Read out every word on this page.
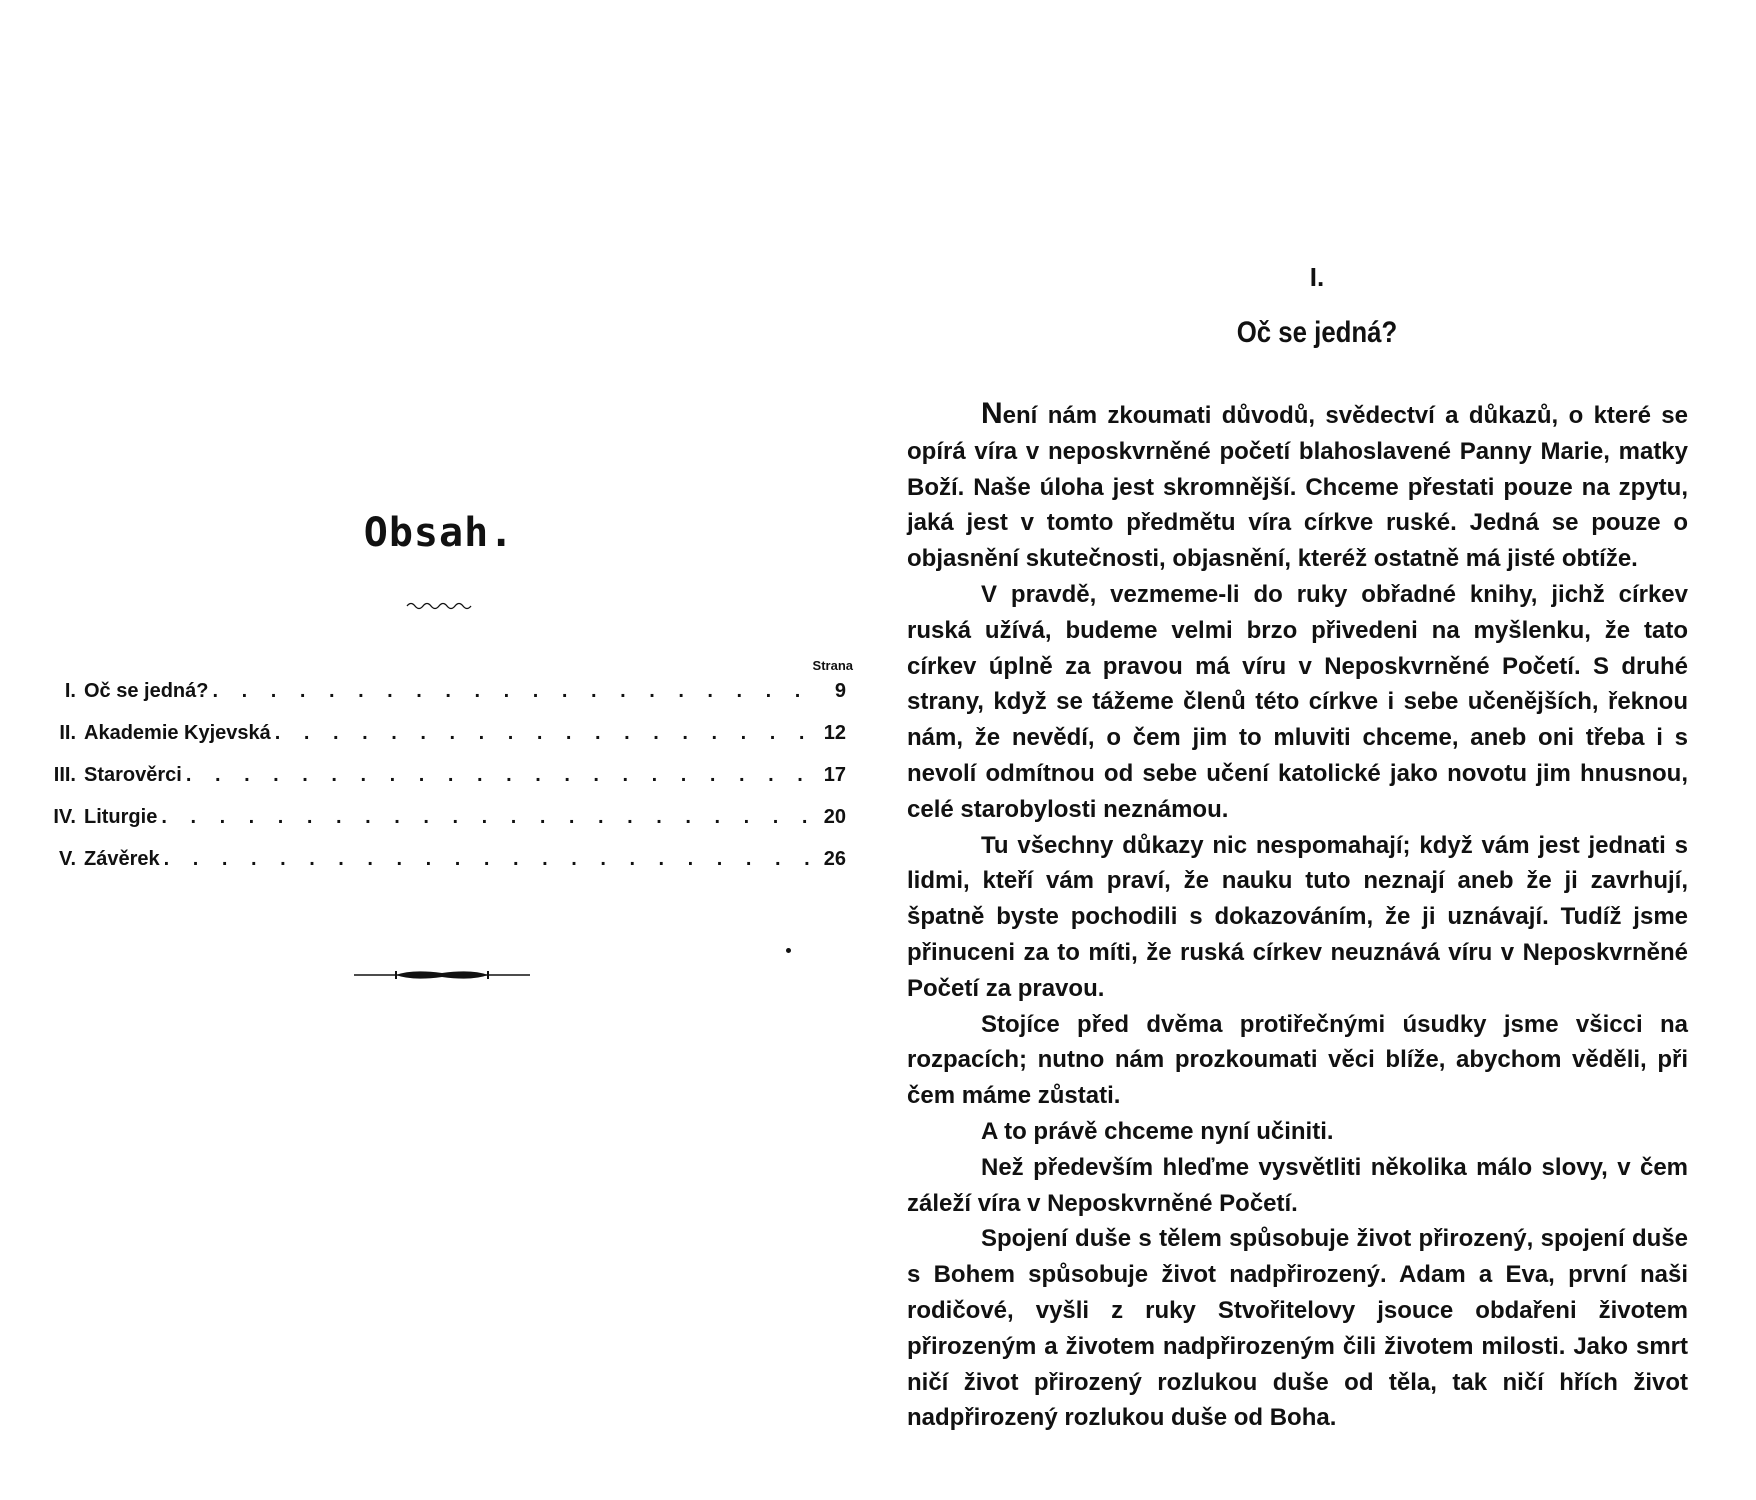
Obsah.
Strana
I. Oč se jedná? . . .	9
II. Akademie Kyjevská . . .	12
III. Starověrci . . .	17
IV. Liturgie . . .	20
V. Závěrek . . .	26
I.
Oč se jedná?

Není nám zkoumati důvodů, svědectví a důkazů, o které se opírá víra v neposkvrněné početí blahoslavené Panny Marie, matky Boží. Naše úloha jest skromnější. Chceme přestati pouze na zpytu, jaká jest v tomto předmětu víra církve ruské. Jedná se pouze o objasnění skutečnosti, objasnění, kteréž ostatně má jisté obtíže.

V pravdě, vezmeme-li do ruky obřadné knihy, jichž církev ruská užívá, budeme velmi brzo přivedeni na myšlenku, že tato církev úplně za pravou má víru v Neposkvrněné Početí. S druhé strany, když se tážeme členů této církve i sebe učenějších, řeknou nám, že nevědí, o čem jim to mluviti chceme, aneb oni třeba i s nevolí odmítnou od sebe učení katolické jako novotu jim hnusnou, celé starobylosti neznámou.

Tu všechny důkazy nic nespomahají; když vám jest jednati s lidmi, kteří vám praví, že nauku tuto neznají aneb že ji zavrhují, špatně byste pochodili s dokazováním, že ji uznávají. Tudíž jsme přinuceni za to míti, že ruská církev neuznává víru v Neposkvrněné Početí za pravou.

Stojíce před dvěma protiřečnými úsudky jsme všicci na rozpacích; nutno nám prozkoumati věci blíže, abychom věděli, při čem máme zůstati.

A to právě chceme nyní učiniti.

Než především hleďme vysvětliti několika málo slovy, v čem záleží víra v Neposkvrněné Početí.

Spojení duše s tělem spůsobuje život přirozený, spojení duše s Bohem spůsobuje život nadpřirozený. Adam a Eva, první naši rodičové, vyšli z ruky Stvořitelovy jsouce obdařeni životem přirozeným a životem nadpřirozeným čili životem milosti. Jako smrt ničí život přirozený rozlukou duše od těla, tak ničí hřích život nadpřirozený rozlukou duše od Boha.
